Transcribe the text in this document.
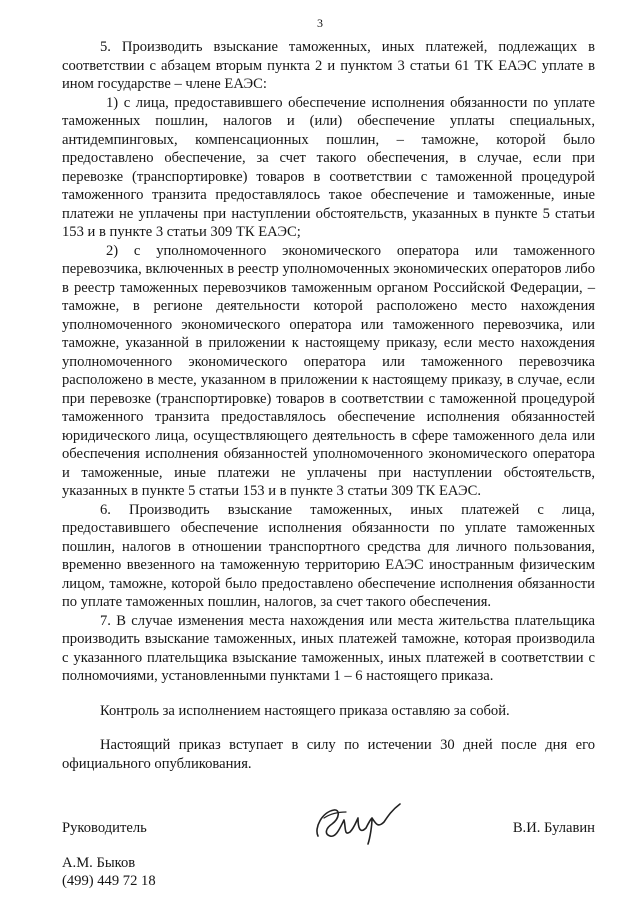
3

5. Производить взыскание таможенных, иных платежей, подлежащих в соответствии с абзацем вторым пункта 2 и пунктом 3 статьи 61 ТК ЕАЭС уплате в ином государстве – члене ЕАЭС:

1) с лица, предоставившего обеспечение исполнения обязанности по уплате таможенных пошлин, налогов и (или) обеспечение уплаты специальных, антидемпинговых, компенсационных пошлин, – таможне, которой было предоставлено обеспечение, за счет такого обеспечения, в случае, если при перевозке (транспортировке) товаров в соответствии с таможенной процедурой таможенного транзита предоставлялось такое обеспечение и таможенные, иные платежи не уплачены при наступлении обстоятельств, указанных в пункте 5 статьи 153 и в пункте 3 статьи 309 ТК ЕАЭС;

2) с уполномоченного экономического оператора или таможенного перевозчика, включенных в реестр уполномоченных экономических операторов либо в реестр таможенных перевозчиков таможенным органом Российской Федерации, – таможне, в регионе деятельности которой расположено место нахождения уполномоченного экономического оператора или таможенного перевозчика, или таможне, указанной в приложении к настоящему приказу, если место нахождения уполномоченного экономического оператора или таможенного перевозчика расположено в месте, указанном в приложении к настоящему приказу, в случае, если при перевозке (транспортировке) товаров в соответствии с таможенной процедурой таможенного транзита предоставлялось обеспечение исполнения обязанностей юридического лица, осуществляющего деятельность в сфере таможенного дела или обеспечения исполнения обязанностей уполномоченного экономического оператора и таможенные, иные платежи не уплачены при наступлении обстоятельств, указанных в пункте 5 статьи 153 и в пункте 3 статьи 309 ТК ЕАЭС.

6. Производить взыскание таможенных, иных платежей с лица, предоставившего обеспечение исполнения обязанности по уплате таможенных пошлин, налогов в отношении транспортного средства для личного пользования, временно ввезенного на таможенную территорию ЕАЭС иностранным физическим лицом, таможне, которой было предоставлено обеспечение исполнения обязанности по уплате таможенных пошлин, налогов, за счет такого обеспечения.

7. В случае изменения места нахождения или места жительства плательщика производить взыскание таможенных, иных платежей таможне, которая производила с указанного плательщика взыскание таможенных, иных платежей в соответствии с полномочиями, установленными пунктами 1 – 6 настоящего приказа.

Контроль за исполнением настоящего приказа оставляю за собой.

Настоящий приказ вступает в силу по истечении 30 дней после дня его официального опубликования.

Руководитель	В.И. Булавин
А.М. Быков
(499) 449 72 18
